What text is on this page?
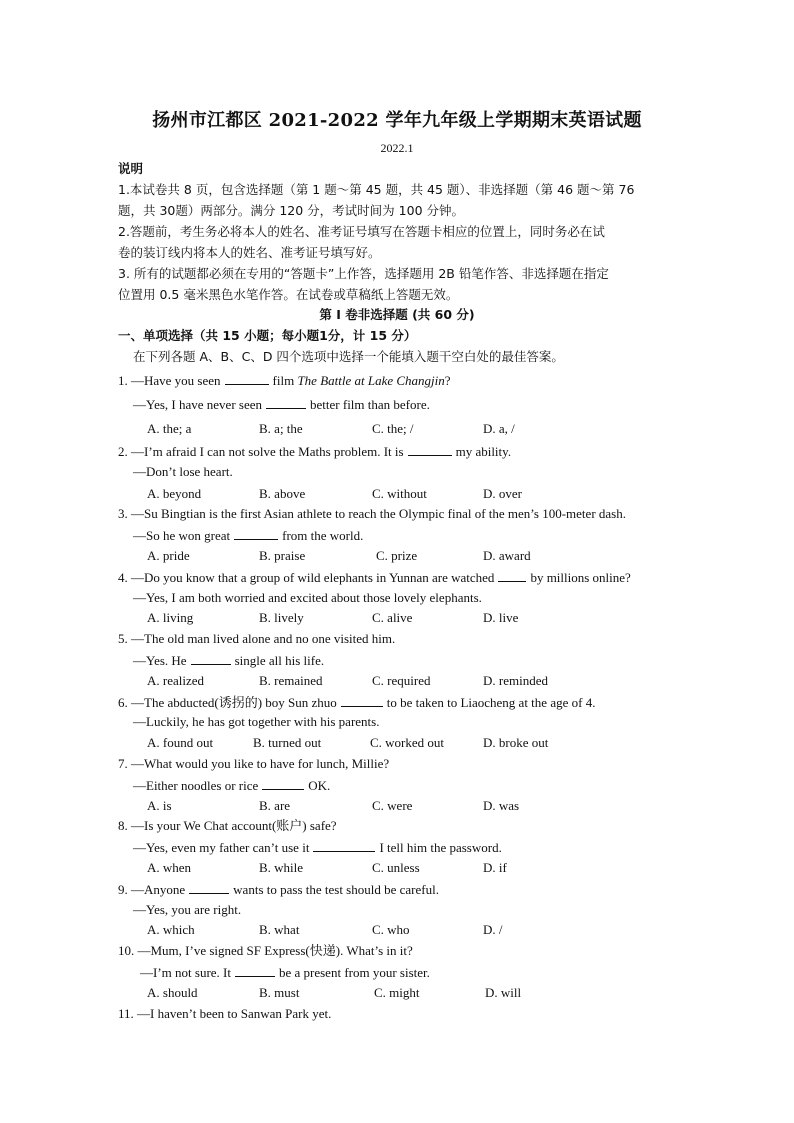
扬州市江都区 2021-2022 学年九年级上学期期末英语试题
2022.1
说明
1.本试卷共 8 页，包含选择题（第 1 题～第 45 题，共 45 题）、非选择题（第 46 题～第 76
题，共 30题）两部分。满分 120 分，考试时间为 100 分钟。
2.答题前，考生务必将本人的姓名、准考证号填写在答题卡相应的位置上，同时务必在试
卷的装订线内将本人的姓名、准考证号填写好。
3. 所有的试题都必须在专用的“答题卡”上作答，选择题用 2B 铅笔作答、非选择题在指定
位置用 0.5 毫米黑色水笔作答。在试卷或草稿纸上答题无效。
第 I 卷非选择题 (共 60 分)
一、单项选择（共 15 小题；每小题1分，计 15 分）
在下列各题 A、B、C、D 四个选项中选择一个能填入题干空白处的最佳答案。
1. —Have you seen	film The Battle at Lake Changjin?
—Yes, I have never seen	better film than before.
A. the; a	B. a; the	C. the; /	D. a, /
2. —I’m afraid I can not solve the Maths problem. It is	my ability.
—Don’t lose heart.
A. beyond	B. above	C. without	D. over
3. —Su Bingtian is the first Asian athlete to reach the Olympic final of the men’s 100-meter dash.
—So he won great	from the world.
A. pride	B. praise	C. prize	D. award
4. —Do you know that a group of wild elephants in Yunnan are watched	by millions online?
—Yes, I am both worried and excited about those lovely elephants.
A. living	B. lively	C. alive	D. live
5. —The old man lived alone and no one visited him.
—Yes. He	single all his life.
A. realized	B. remained	C. required	D. reminded
6. —The abducted(诱拐的) boy Sun zhuo	to be taken to Liaocheng at the age of 4.
—Luckily, he has got together with his parents.
A. found out	B. turned out	C. worked out	D. broke out
7. —What would you like to have for lunch, Millie?
—Either noodles or rice	OK.
A. is	B. are	C. were	D. was
8. —Is your We Chat account(账户) safe?
—Yes, even my father can’t use it	I tell him the password.
A. when	B. while	C. unless	D. if
9. —Anyone	wants to pass the test should be careful.
—Yes, you are right.
A. which	B. what	C. who	D. /
10. —Mum, I’ve signed SF Express(快递). What’s in it?
—I’m not sure. It	be a present from your sister.
A. should	B. must	C. might	D. will
11. —I haven’t been to Sanwan Park yet.
